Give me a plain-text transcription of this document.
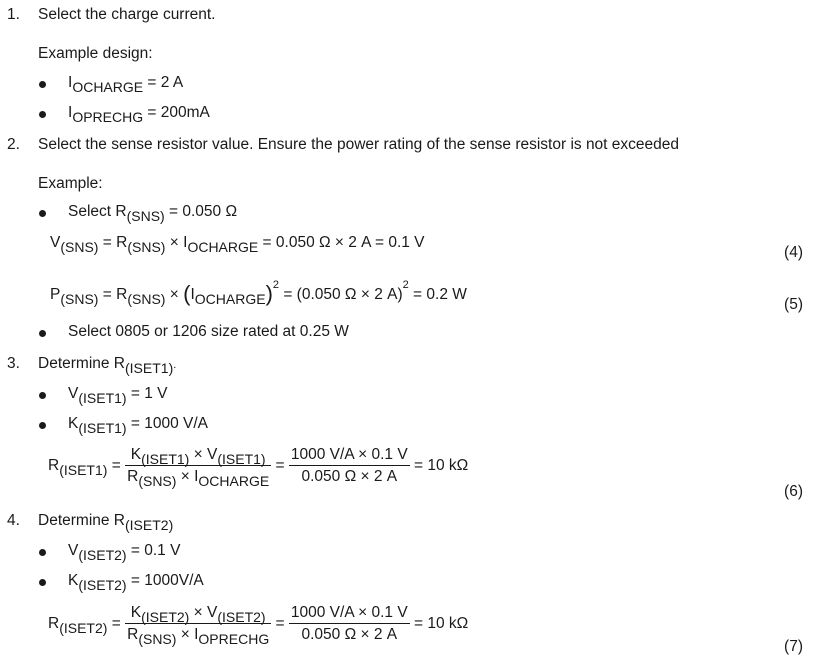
1. Select the charge current.
Example design:
$I_{OCHARGE} = 2$ A
$I_{OPRECHG} = 200mA$
2. Select the sense resistor value. Ensure the power rating of the sense resistor is not exceeded
Example:
Select $R_{(SNS)} = 0.050$ Ω
$V_{(SNS)} = R_{(SNS)} \times I_{OCHARGE} = 0.050$ Ω × 2 A = 0.1 V
(4)
$P_{(SNS)} = R_{(SNS)} \times (I_{OCHARGE})^2 = (0.050$ Ω × 2 A)$^2$ = 0.2 W
(5)
Select 0805 or 1206 size rated at 0.25 W
3. Determine $R_{(ISET1)}$.
$V_{(ISET1)} = 1$ V
$K_{(ISET1)} = 1000$ V/A
$R_{(ISET1)} = \frac{K_{(ISET1)} \times V_{(ISET1)}}{R_{(SNS)} \times I_{OCHARGE}} = \frac{1000 V/A \times 0.1 V}{0.050 \Omega \times 2 A} = 10$ kΩ
(6)
4. Determine $R_{(ISET2)}$
$V_{(ISET2)} = 0.1$ V
$K_{(ISET2)} = 1000V/A$
$R_{(ISET2)} = \frac{K_{(ISET2)} \times V_{(ISET2)}}{R_{(SNS)} \times I_{OPRECHG}} = \frac{1000 V/A \times 0.1 V}{0.050 \Omega \times 2 A} = 10$ kΩ
(7)
